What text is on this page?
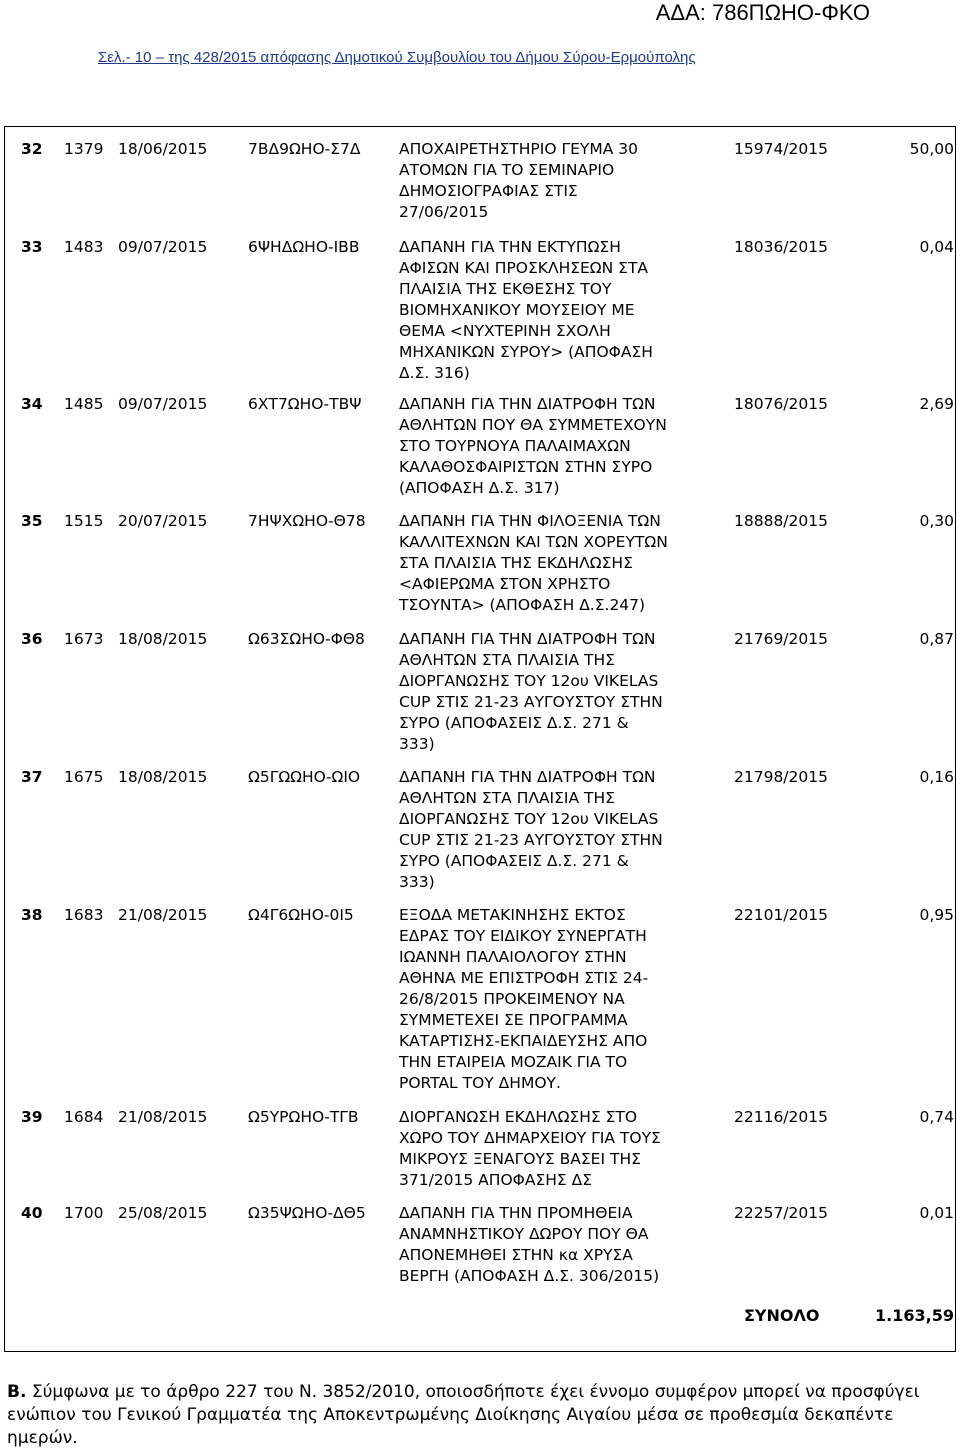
ΑΔΑ: 786ΠΩΗΟ-ΦΚΟ
Σελ.- 10 – της 428/2015 απόφασης Δημοτικού Συμβουλίου του Δήμου Σύρου-Ερμούπολης
32 1379 18/06/2015	7ΒΔ9ΩΗΟ-Σ7Δ ΑΠΟΧΑΙΡΕΤΗΣΤΗΡΙΟ ΓΕΥΜΑ 30
ΑΤΟΜΩΝ ΓΙΑ ΤΟ ΣΕΜΙΝΑΡΙΟ
ΔΗΜΟΣΙΟΓΡΑΦΙΑΣ ΣΤΙΣ
27/06/2015
15974/2015	50,00
33 1483 09/07/2015	6ΨΗΔΩΗΟ-ΙΒΒ	ΔΑΠΑΝΗ ΓΙΑ ΤΗΝ ΕΚΤΥΠΩΣΗ
ΑΦΙΣΩΝ ΚΑΙ ΠΡΟΣΚΛΗΣΕΩΝ ΣΤΑ
ΠΛΑΙΣΙΑ ΤΗΣ ΕΚΘΕΣΗΣ ΤΟΥ
ΒΙΟΜΗΧΑΝΙΚΟΥ ΜΟΥΣΕΙΟΥ ΜΕ
ΘΕΜΑ <ΝΥΧΤΕΡΙΝΗ ΣΧΟΛΗ
ΜΗΧΑΝΙΚΩΝ ΣΥΡΟΥ> (ΑΠΟΦΑΣΗ
Δ.Σ. 316)
18036/2015	0,04
34 1485 09/07/2015	6ΧΤ7ΩΗΟ-ΤΒΨ ΔΑΠΑΝΗ ΓΙΑ ΤΗΝ ΔΙΑΤΡΟΦΗ ΤΩΝ
ΑΘΛΗΤΩΝ ΠΟΥ ΘΑ ΣΥΜΜΕΤΕΧΟΥΝ
ΣΤΟ ΤΟΥΡΝΟΥΑ ΠΑΛΑΙΜΑΧΩΝ
ΚΑΛΑΘΟΣΦΑΙΡΙΣΤΩΝ ΣΤΗΝ ΣΥΡΟ
(ΑΠΟΦΑΣΗ Δ.Σ. 317)
18076/2015	2,69
35 1515 20/07/2015	7ΗΨΧΩΗΟ-Θ78 ΔΑΠΑΝΗ ΓΙΑ ΤΗΝ ΦΙΛΟΞΕΝΙΑ ΤΩΝ
ΚΑΛΛΙΤΕΧΝΩΝ ΚΑΙ ΤΩΝ ΧΟΡΕΥΤΩΝ
ΣΤΑ ΠΛΑΙΣΙΑ ΤΗΣ ΕΚΔΗΛΩΣΗΣ
<ΑΦΙΕΡΩΜΑ ΣΤΟΝ ΧΡΗΣΤΟ
ΤΣΟΥΝΤΑ> (ΑΠΟΦΑΣΗ Δ.Σ.247)
18888/2015	0,30
36 1673 18/08/2015	Ω63ΣΩΗΟ-ΦΘ8 ΔΑΠΑΝΗ ΓΙΑ ΤΗΝ ΔΙΑΤΡΟΦΗ ΤΩΝ
ΑΘΛΗΤΩΝ ΣΤΑ ΠΛΑΙΣΙΑ ΤΗΣ
ΔΙΟΡΓΑΝΩΣΗΣ ΤΟΥ 12ου VIKELAS
CUP ΣΤΙΣ 21-23 ΑΥΓΟΥΣΤΟΥ ΣΤΗΝ
ΣΥΡΟ (ΑΠΟΦΑΣΕΙΣ Δ.Σ. 271 &
333)
21769/2015	0,87
37 1675 18/08/2015	Ω5ΓΩΩΗΟ-ΩΙΟ	ΔΑΠΑΝΗ ΓΙΑ ΤΗΝ ΔΙΑΤΡΟΦΗ ΤΩΝ
ΑΘΛΗΤΩΝ ΣΤΑ ΠΛΑΙΣΙΑ ΤΗΣ
ΔΙΟΡΓΑΝΩΣΗΣ ΤΟΥ 12ου VIKELAS
CUP ΣΤΙΣ 21-23 ΑΥΓΟΥΣΤΟΥ ΣΤΗΝ
ΣΥΡΟ (ΑΠΟΦΑΣΕΙΣ Δ.Σ. 271 &
333)
21798/2015	0,16
38 1683 21/08/2015	Ω4Γ6ΩΗΟ-0Ι5	ΕΞΟΔΑ ΜΕΤΑΚΙΝΗΣΗΣ ΕΚΤΟΣ
ΕΔΡΑΣ ΤΟΥ ΕΙΔΙΚΟΥ ΣΥΝΕΡΓΑΤΗ
ΙΩΑΝΝΗ ΠΑΛΑΙΟΛΟΓΟΥ ΣΤΗΝ
ΑΘΗΝΑ ΜΕ ΕΠΙΣΤΡΟΦΗ ΣΤΙΣ 24-
26/8/2015 ΠΡΟΚΕΙΜΕΝΟΥ ΝΑ
ΣΥΜΜΕΤΕΧΕΙ ΣΕ ΠΡΟΓΡΑΜΜΑ
ΚΑΤΑΡΤΙΣΗΣ-ΕΚΠΑΙΔΕΥΣΗΣ ΑΠΟ
ΤΗΝ ΕΤΑΙΡΕΙΑ ΜΟΖΑΙΚ ΓΙΑ ΤΟ
PORTAL ΤΟΥ ΔΗΜΟΥ.
22101/2015	0,95
39 1684 21/08/2015	Ω5ΥΡΩΗΟ-ΤΓΒ	ΔΙΟΡΓΑΝΩΣΗ ΕΚΔΗΛΩΣΗΣ ΣΤΟ
ΧΩΡΟ ΤΟΥ ΔΗΜΑΡΧΕΙΟΥ ΓΙΑ ΤΟΥΣ
ΜΙΚΡΟΥΣ ΞΕΝΑΓΟΥΣ ΒΑΣΕΙ ΤΗΣ
371/2015 ΑΠΟΦΑΣΗΣ ΔΣ
22116/2015	0,74
40 1700 25/08/2015	Ω35ΨΩΗΟ-ΔΘ5 ΔΑΠΑΝΗ ΓΙΑ ΤΗΝ ΠΡΟΜΗΘΕΙΑ
ΑΝΑΜΝΗΣΤΙΚΟΥ ΔΩΡΟΥ ΠΟΥ ΘΑ
ΑΠΟΝΕΜΗΘΕΙ ΣΤΗΝ κα ΧΡΥΣΑ
ΒΕΡΓΗ (ΑΠΟΦΑΣΗ Δ.Σ. 306/2015)
22257/2015	0,01
ΣΥΝΟΛΟ	1.163,59
Β. Σύμφωνα με το άρθρο 227 του Ν. 3852/2010, οποιοσδήποτε έχει έννομο συμφέρον μπορεί να προσφύγει ενώπιον του Γενικού Γραμματέα της Αποκεντρωμένης Διοίκησης Αιγαίου μέσα σε προθεσμία δεκαπέντε ημερών.
